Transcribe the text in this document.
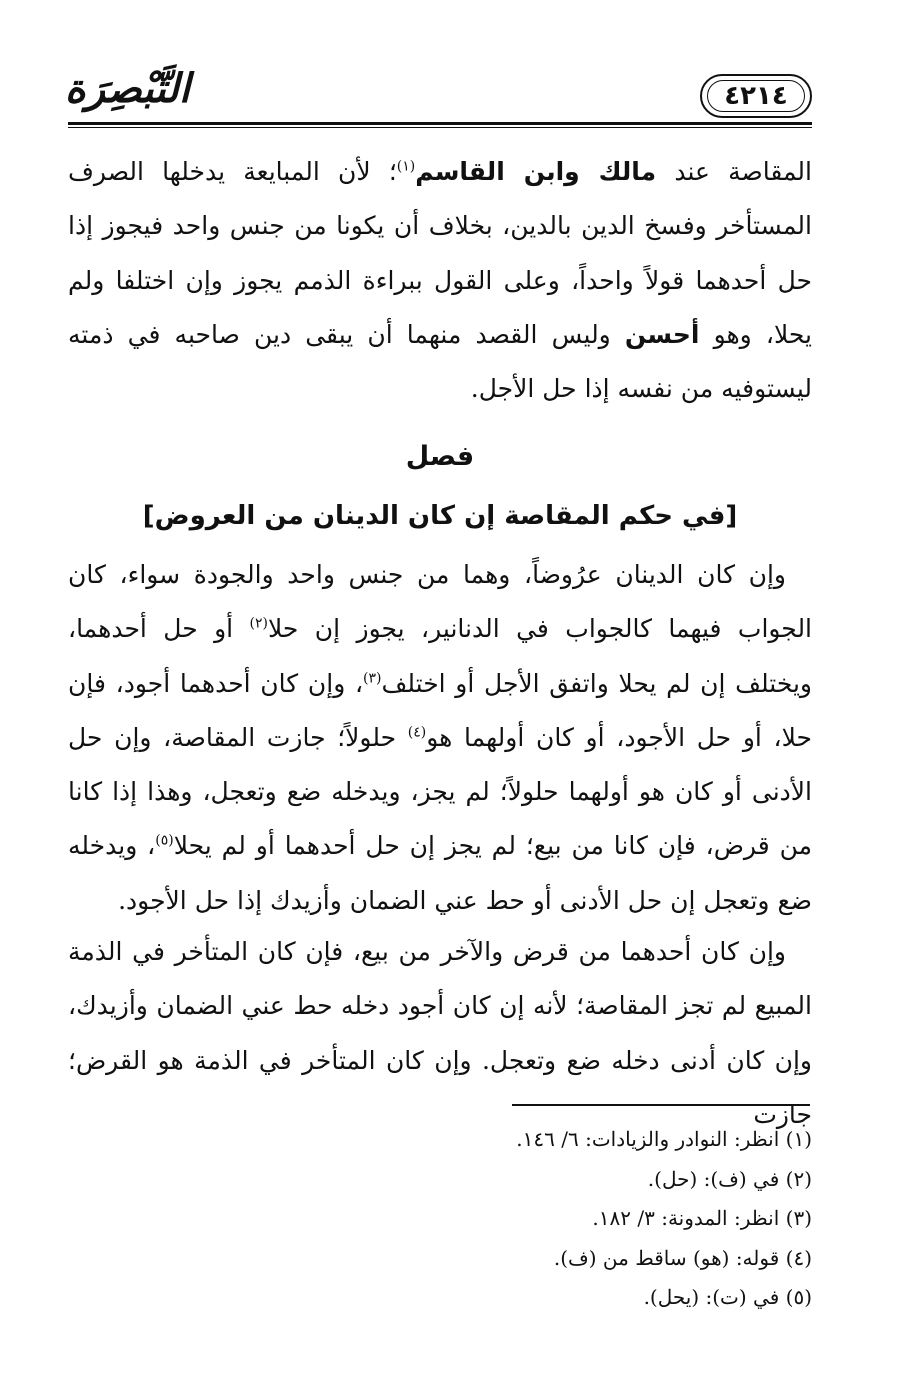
التَّبْصِرَة	٤٢١٤

المقاصة عند مالك وابن القاسم$^{(١)}$؛ لأن المبايعة يدخلها الصرف المستأخر وفسخ الدين بالدين، بخلاف أن يكونا من جنس واحد فيجوز إذا حل أحدهما قولاً واحداً، وعلى القول ببراءة الذمم يجوز وإن اختلفا ولم يحلا، وهو أحسن وليس القصد منهما أن يبقى دين صاحبه في ذمته ليستوفيه من نفسه إذا حل الأجل.

فصل
[في حكم المقاصة إن كان الدينان من العروض]

وإن كان الدينان عرُوضاً، وهما من جنس واحد والجودة سواء، كان الجواب فيهما كالجواب في الدنانير، يجوز إن حلا$^{(٢)}$ أو حل أحدهما، ويختلف إن لم يحلا واتفق الأجل أو اختلف$^{(٣)}$، وإن كان أحدهما أجود، فإن حلا، أو حل الأجود، أو كان أولهما هو$^{(٤)}$ حلولاً؛ جازت المقاصة، وإن حل الأدنى أو كان هو أولهما حلولاً؛ لم يجز، ويدخله ضع وتعجل، وهذا إذا كانا من قرض، فإن كانا من بيع؛ لم يجز إن حل أحدهما أو لم يحلا$^{(٥)}$، ويدخله ضع وتعجل إن حل الأدنى أو حط عني الضمان وأزيدك إذا حل الأجود.

وإن كان أحدهما من قرض والآخر من بيع، فإن كان المتأخر في الذمة المبيع لم تجز المقاصة؛ لأنه إن كان أجود دخله حط عني الضمان وأزيدك، وإن كان أدنى دخله ضع وتعجل. وإن كان المتأخر في الذمة هو القرض؛ جازت

(١) انظر: النوادر والزيادات: ٦/ ١٤٦.
(٢) في (ف): (حل).
(٣) انظر: المدونة: ٣/ ١٨٢.
(٤) قوله: (هو) ساقط من (ف).
(٥) في (ت): (يحل).
